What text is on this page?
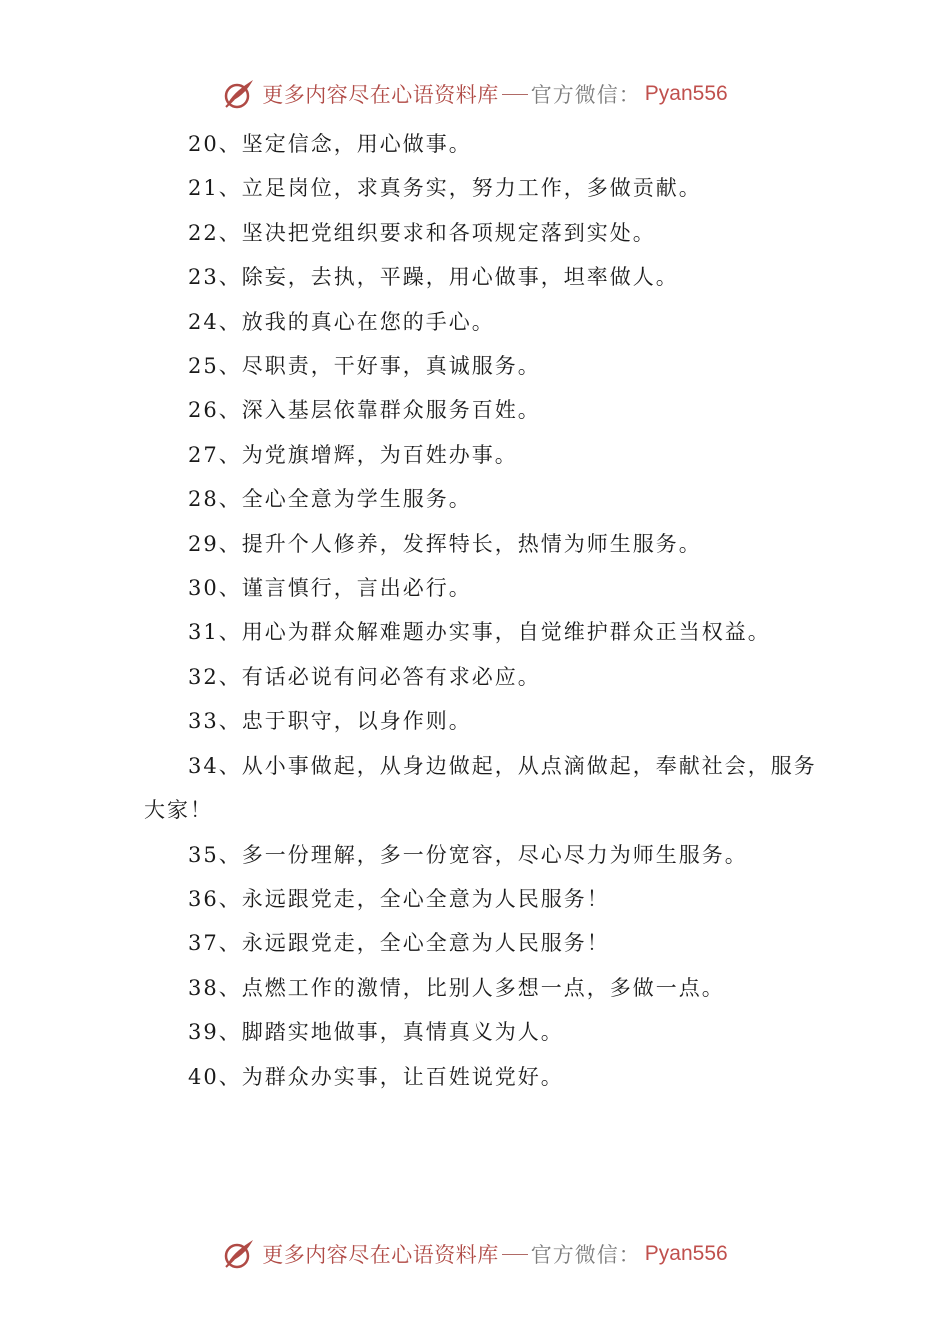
更多内容尽在心语资料库 官方微信： Pyan556
20、坚定信念，用心做事。
21、立足岗位，求真务实，努力工作，多做贡献。
22、坚决把党组织要求和各项规定落到实处。
23、除妄，去执，平躁，用心做事，坦率做人。
24、放我的真心在您的手心。
25、尽职责，干好事，真诚服务。
26、深入基层依靠群众服务百姓。
27、为党旗增辉，为百姓办事。
28、全心全意为学生服务。
29、提升个人修养，发挥特长，热情为师生服务。
30、谨言慎行，言出必行。
31、用心为群众解难题办实事，自觉维护群众正当权益。
32、有话必说有问必答有求必应。
33、忠于职守，以身作则。
34、从小事做起，从身边做起，从点滴做起，奉献社会，服务大家！
35、多一份理解，多一份宽容，尽心尽力为师生服务。
36、永远跟党走，全心全意为人民服务！
37、永远跟党走，全心全意为人民服务！
38、点燃工作的激情，比别人多想一点，多做一点。
39、脚踏实地做事，真情真义为人。
40、为群众办实事，让百姓说党好。
更多内容尽在心语资料库 官方微信： Pyan556
